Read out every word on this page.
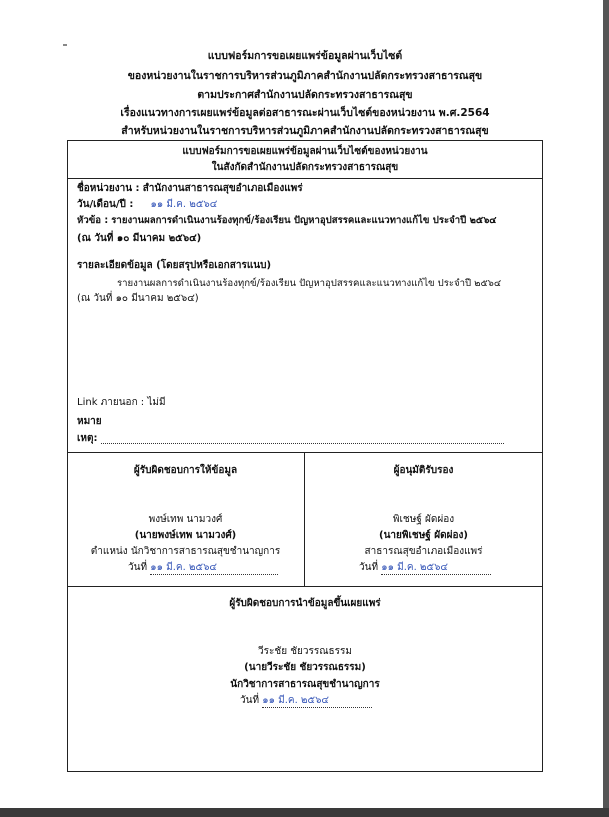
แบบฟอร์มการขอเผยแพร่ข้อมูลผ่านเว็บไซต์
ของหน่วยงานในราชการบริหารส่วนภูมิภาคสำนักงานปลัดกระทรวงสาธารณสุข
ตามประกาศสำนักงานปลัดกระทรวงสาธารณสุข
เรื่องแนวทางการเผยแพร่ข้อมูลต่อสาธารณะผ่านเว็บไซต์ของหน่วยงาน พ.ศ.2564
สำหรับหน่วยงานในราชการบริหารส่วนภูมิภาคสำนักงานปลัดกระทรวงสาธารณสุข
แบบฟอร์มการขอเผยแพร่ข้อมูลผ่านเว็บไซต์ของหน่วยงาน
ในสังกัดสำนักงานปลัดกระทรวงสาธารณสุข
ชื่อหน่วยงาน : สำนักงานสาธารณสุขอำเภอเมืองแพร่
วัน/เดือน/ปี : ๑๑ มี.ค. ๒๕๖๔
หัวข้อ : รายงานผลการดำเนินงานร้องทุกข์/ร้องเรียน ปัญหาอุปสรรคและแนวทางแก้ไข ประจำปี ๒๕๖๔
(ณ วันที่ ๑๐ มีนาคม ๒๕๖๔)
รายละเอียดข้อมูล (โดยสรุปหรือเอกสารแนบ)
รายงานผลการดำเนินงานร้องทุกข์/ร้องเรียน ปัญหาอุปสรรคและแนวทางแก้ไข ประจำปี ๒๕๖๔
(ณ วันที่ ๑๐ มีนาคม ๒๕๖๔)
Link ภายนอก : ไม่มี
หมาย
เหตุ:
ผู้รับผิดชอบการให้ข้อมูล
พงษ์เทพ นามวงศ์
(นายพงษ์เทพ นามวงศ์)
ตำแหน่ง นักวิชาการสาธารณสุขชำนาญการ
วันที่ ๑๑ มี.ค. ๒๕๖๔
ผู้อนุมัติรับรอง
พิเชษฐ์ ผัดผ่อง
(นายพิเชษฐ์ ผัดผ่อง)
สาธารณสุขอำเภอเมืองแพร่
วันที่ ๑๑ มี.ค. ๒๕๖๔
ผู้รับผิดชอบการนำข้อมูลขึ้นเผยแพร่
วีระชัย ชัยวรรณธรรม
(นายวีระชัย ชัยวรรณธรรม)
นักวิชาการสาธารณสุขชำนาญการ
วันที่ ๑๑ มี.ค. ๒๕๖๔
